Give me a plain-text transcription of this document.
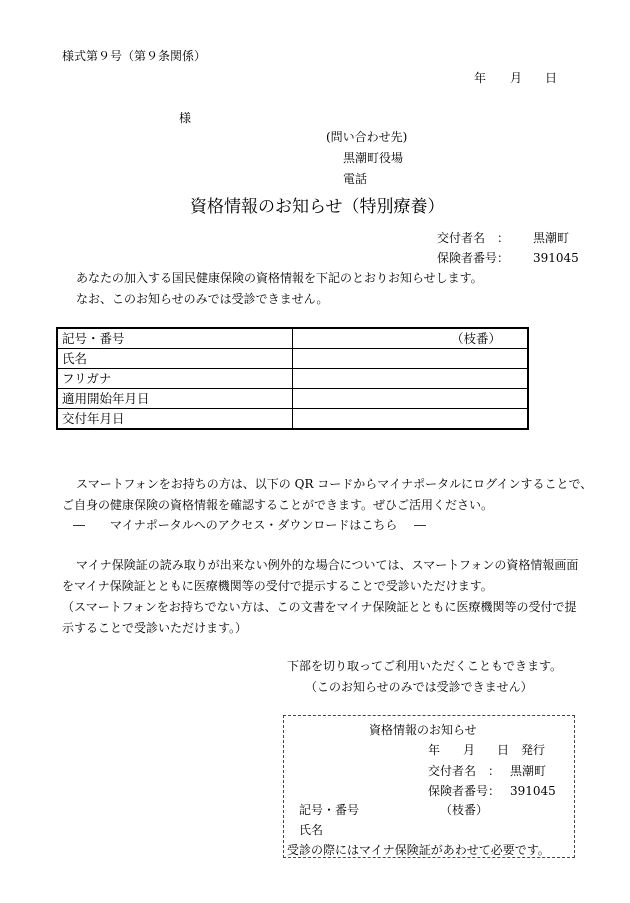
様式第９号（第９条関係）
年 月 日
様
(問い合わせ先)
黒潮町役場
電話
資格情報のお知らせ（特別療養）
交付者名　： 黒潮町
保険者番号： 391045
あなたの加入する国民健康保険の資格情報を下記のとおりお知らせします。
なお、このお知らせのみでは受診できません。
記号・番号	（枝番）
氏名	
フリガナ	
適用開始年月日	
交付年月日	
スマートフォンをお持ちの方は、以下の QR コードからマイナポータルにログインすることで、
ご自身の健康保険の資格情報を確認することができます。ぜひご活用ください。
― マイナポータルへのアクセス・ダウンロードはこちら ―
マイナ保険証の読み取りが出来ない例外的な場合については、スマートフォンの資格情報画面
をマイナ保険証とともに医療機関等の受付で提示することで受診いただけます。
（スマートフォンをお持ちでない方は、この文書をマイナ保険証とともに医療機関等の受付で提
示することで受診いただけます。）
下部を切り取ってご利用いただくこともできます。
（このお知らせのみでは受診できません）
資格情報のお知らせ
年 月 日 発行
交付者名　： 黒潮町
保険者番号： 391045
記号・番号	（枝番）
氏名
受診の際にはマイナ保険証があわせて必要です。
